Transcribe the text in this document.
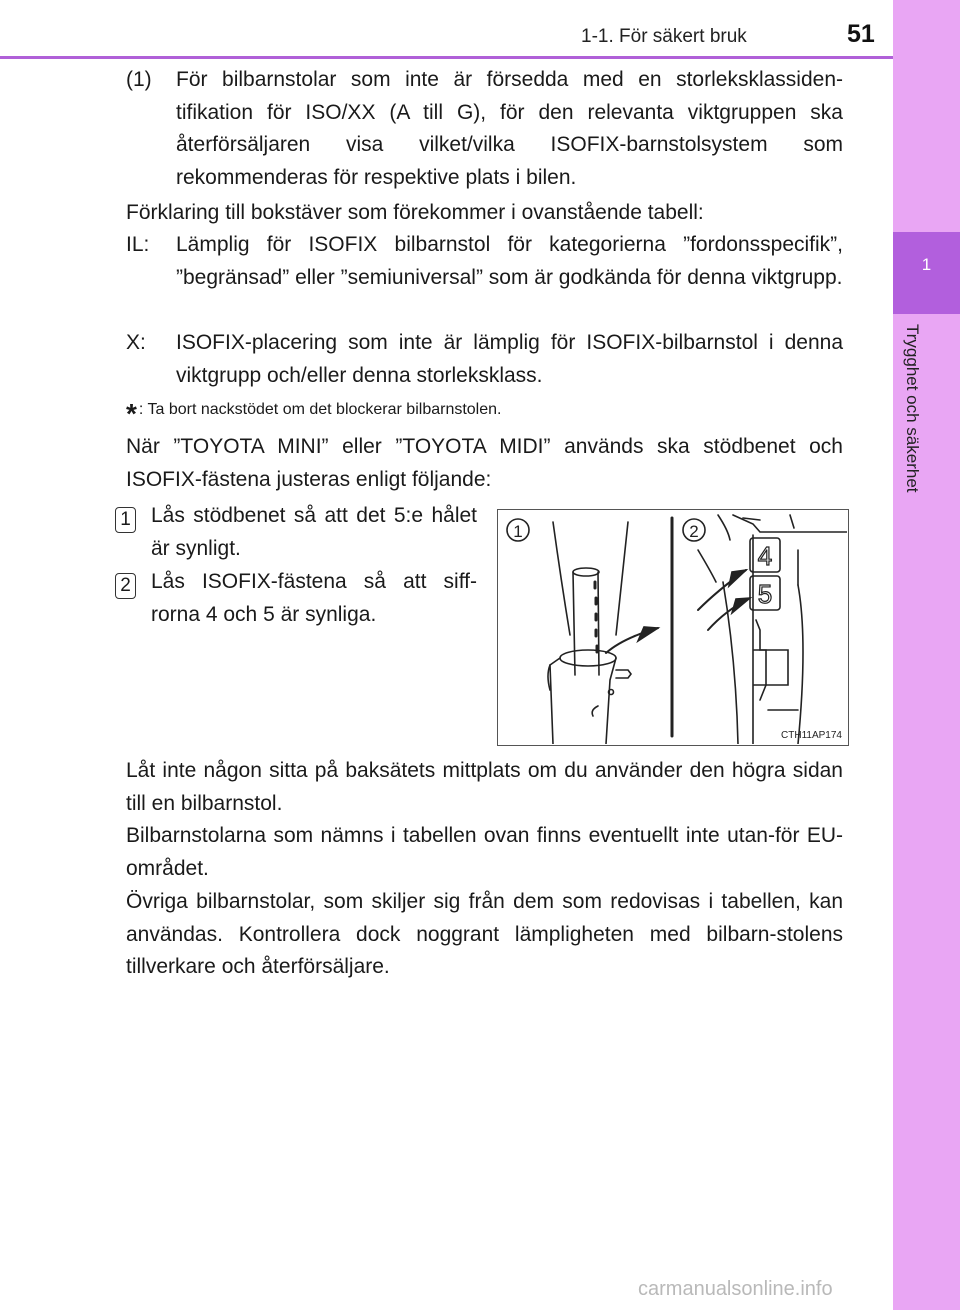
1-1. För säkert bruk	51
1
Trygghet och säkerhet
(1) För bilbarnstolar som inte är försedda med en storleksklassiden-tifikation för ISO/XX (A till G), för den relevanta viktgruppen ska återförsäljaren visa vilket/vilka ISOFIX-barnstolsystem som rekommenderas för respektive plats i bilen.
Förklaring till bokstäver som förekommer i ovanstående tabell:
IL: Lämplig för ISOFIX bilbarnstol för kategorierna ”fordonsspecifik”, ”begränsad” eller ”semiuniversal” som är godkända för denna viktgrupp.
X: ISOFIX-placering som inte är lämplig för ISOFIX-bilbarnstol i denna viktgrupp och/eller denna storleksklass.
* : Ta bort nackstödet om det blockerar bilbarnstolen.
När ”TOYOTA MINI” eller ”TOYOTA MIDI” används ska stödbenet och ISOFIX-fästena justeras enligt följande:
1 Lås stödbenet så att det 5:e hålet är synligt.
2 Lås ISOFIX-fästena så att siff-rorna 4 och 5 är synliga.
1	2
4
5
CTH11AP174
Låt inte någon sitta på baksätets mittplats om du använder den högra sidan till en bilbarnstol.
Bilbarnstolarna som nämns i tabellen ovan finns eventuellt inte utan-för EU-området.
Övriga bilbarnstolar, som skiljer sig från dem som redovisas i tabellen, kan användas. Kontrollera dock noggrant lämpligheten med bilbarn-stolens tillverkare och återförsäljare.
carmanualsonline.info
